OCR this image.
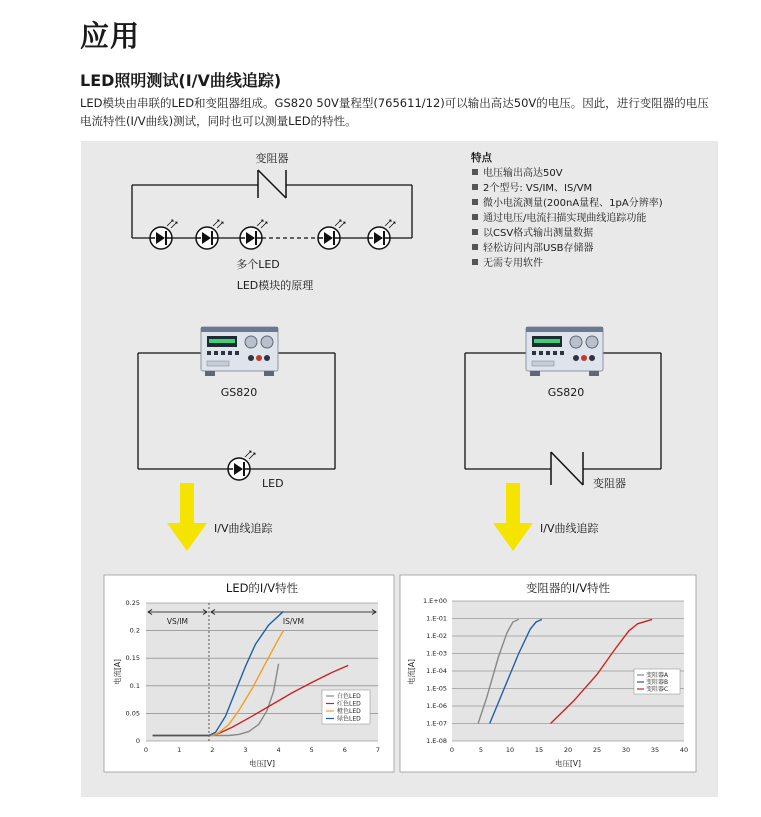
应用
LED照明测试(I/V曲线追踪)
LED模块由串联的LED和变阻器组成。GS820 50V量程型(765611/12)可以输出高达50V的电压。因此，进行变阻器的电压电流特性(I/V曲线)测试，同时也可以测量LED的特性。
变阻器
多个LED
LED模块的原理
特点
电压输出高达50V
2个型号: VS/IM、IS/VM
微小电流测量(200nA量程、1pA分辨率)
通过电压/电流扫描实现曲线追踪功能
以CSV格式输出测量数据
轻松访问内部USB存储器
无需专用软件
GS820
LED
GS820
变阻器
I/V曲线追踪	I/V曲线追踪
0
0.05
0.1
0.15
0.2
0.25
0	1	2	3	4	5	6	7
LED的I/V特性
电压[V]
电流[A]
VS/IM	IS/VM
白色LED
红色LED
橙色LED
绿色LED
1.E-08
1.E-07
1.E-06
1.E-05
1.E-04
1.E-03
1.E-02
1.E-01
1.E+00
0	5	10	15	20	25	30	35	40
变阻器的I/V特性
电压[V]
电流[A]	变阻器A
变阻器B
变阻器C
